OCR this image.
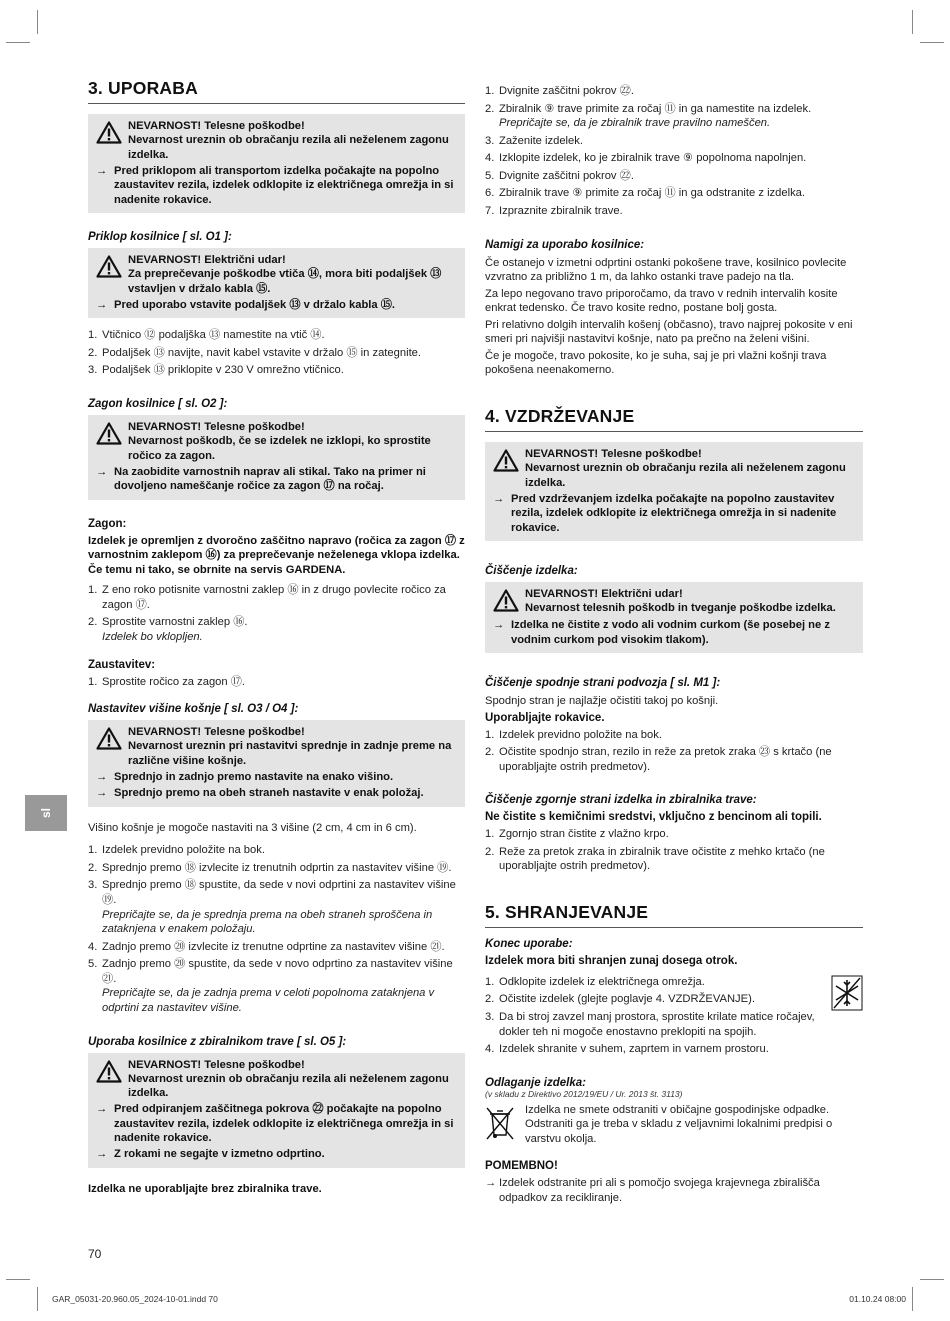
sl
3. UPORABA
NEVARNOST! Telesne poškodbe!
Nevarnost ureznin ob obračanju rezila ali neželenem zagonu izdelka.
→ Pred priklopom ali transportom izdelka počakajte na popolno zaustavitev rezila, izdelek odklopite iz električnega omrežja in si nadenite rokavice.
Priklop kosilnice [ sl. O1 ]:
NEVARNOST! Električni udar!
Za preprečevanje poškodbe vtiča ⑭, mora biti podaljšek ⑬ vstavljen v držalo kabla ⑮.
→ Pred uporabo vstavite podaljšek ⑬ v držalo kabla ⑮.
1. Vtičnico ⑫ podaljška ⑬ namestite na vtič ⑭.
2. Podaljšek ⑬ navijte, navit kabel vstavite v držalo ⑮ in zategnite.
3. Podaljšek ⑬ priklopite v 230 V omrežno vtičnico.
Zagon kosilnice [ sl. O2 ]:
NEVARNOST! Telesne poškodbe!
Nevarnost poškodb, če se izdelek ne izklopi, ko sprostite ročico za zagon.
→ Na zaobidite varnostnih naprav ali stikal. Tako na primer ni dovoljeno nameščanje ročice za zagon ⑰ na ročaj.
Zagon:

Izdelek je opremljen z dvoročno zaščitno napravo (ročica za zagon ⑰ z varnostnim zaklepom ⑯) za preprečevanje neželenega vklopa izdelka. Če temu ni tako, se obrnite na servis GARDENA.

1. Z eno roko potisnite varnostni zaklep ⑯ in z drugo povlecite ročico za zagon ⑰.
2. Sprostite varnostni zaklep ⑯.
Izdelek bo vklopljen.
Zaustavitev:
1. Sprostite ročico za zagon ⑰.
Nastavitev višine košnje [ sl. O3 / O4 ]:
NEVARNOST! Telesne poškodbe!
Nevarnost ureznin pri nastavitvi sprednje in zadnje preme na različne višine košnje.
→ Sprednjo in zadnjo premo nastavite na enako višino.
→ Sprednjo premo na obeh straneh nastavite v enak položaj.

Višino košnje je mogoče nastaviti na 3 višine (2 cm, 4 cm in 6 cm).

1. Izdelek previdno položite na bok.
2. Sprednjo premo ⑱ izvlecite iz trenutnih odprtin za nastavitev višine ⑲.
3. Sprednjo premo ⑱ spustite, da sede v novi odprtini za nastavitev višine ⑲.
Prepričajte se, da je sprednja prema na obeh straneh sproščena in zataknjena v enakem položaju.
4. Zadnjo premo ⑳ izvlecite iz trenutne odprtine za nastavitev višine ㉑.
5. Zadnjo premo ⑳ spustite, da sede v novo odprtino za nastavitev višine ㉑.
Prepričajte se, da je zadnja prema v celoti popolnoma zataknjena v odprtini za nastavitev višine.
Uporaba kosilnice z zbiralnikom trave [ sl. O5 ]:
NEVARNOST! Telesne poškodbe!
Nevarnost ureznin ob obračanju rezila ali neželenem zagonu izdelka.
→ Pred odpiranjem zaščitnega pokrova ㉒ počakajte na popolno zaustavitev rezila, izdelek odklopite iz električnega omrežja in si nadenite rokavice.
→ Z rokami ne segajte v izmetno odprtino.

Izdelka ne uporabljajte brez zbiralnika trave.

1. Dvignite zaščitni pokrov ㉒.
2. Zbiralnik ⑨ trave primite za ročaj ⑪ in ga namestite na izdelek.
Prepričajte se, da je zbiralnik trave pravilno nameščen.
3. Zaženite izdelek.
4. Izklopite izdelek, ko je zbiralnik trave ⑨ popolnoma napolnjen.
5. Dvignite zaščitni pokrov ㉒.
6. Zbiralnik trave ⑨ primite za ročaj ⑪ in ga odstranite z izdelka.
7. Izpraznite zbiralnik trave.
Namigi za uporabo kosilnice:

Če ostanejo v izmetni odprtini ostanki pokošene trave, kosilnico povlecite vzvratno za približno 1 m, da lahko ostanki trave padejo na tla.

Za lepo negovano travo priporočamo, da travo v rednih intervalih kosite enkrat tedensko. Če travo kosite redno, postane bolj gosta.

Pri relativno dolgih intervalih košenj (občasno), travo najprej pokosite v eni smeri pri najvišji nastavitvi košnje, nato pa prečno na želeni višini.

Če je mogoče, travo pokosite, ko je suha, saj je pri vlažni košnji trava pokošena neenakomerno.

4. VZDRŽEVANJE
NEVARNOST! Telesne poškodbe!
Nevarnost ureznin ob obračanju rezila ali neželenem zagonu izdelka.
→ Pred vzdrževanjem izdelka počakajte na popolno zaustavitev rezila, izdelek odklopite iz električnega omrežja in si nadenite rokavice.
Čiščenje izdelka:
NEVARNOST! Električni udar!
Nevarnost telesnih poškodb in tveganje poškodbe izdelka.
→ Izdelka ne čistite z vodo ali vodnim curkom (še posebej ne z vodnim curkom pod visokim tlakom).
Čiščenje spodnje strani podvozja [ sl. M1 ]:

Spodnjo stran je najlažje očistiti takoj po košnji.

Uporabljajte rokavice.
1. Izdelek previdno položite na bok.
2. Očistite spodnjo stran, rezilo in reže za pretok zraka ㉓ s krtačo (ne uporabljajte ostrih predmetov).
Čiščenje zgornje strani izdelka in zbiralnika trave:
Ne čistite s kemičnimi sredstvi, vključno z bencinom ali topili.
1. Zgornjo stran čistite z vlažno krpo.
2. Reže za pretok zraka in zbiralnik trave očistite z mehko krtačo (ne uporabljajte ostrih predmetov).
5. SHRANJEVANJE
Konec uporabe:
Izdelek mora biti shranjen zunaj dosega otrok.
1. Odklopite izdelek iz električnega omrežja.
2. Očistite izdelek (glejte poglavje 4. VZDRŽEVANJE).
3. Da bi stroj zavzel manj prostora, sprostite krilate matice ročajev, dokler teh ni mogoče enostavno preklopiti na spojih.
4. Izdelek shranite v suhem, zaprtem in varnem prostoru.
Odlaganje izdelka:
(v skladu z Direktivo 2012/19/EU / Ur. 2013 št. 3113)

Izdelka ne smete odstraniti v običajne gospodinjske odpadke. Odstraniti ga je treba v skladu z veljavnimi lokalnimi predpisi o varstvu okolja.

POMEMBNO!
→ Izdelek odstranite pri ali s pomočjo svojega krajevnega zbirališča odpadkov za recikliranje.
70
GAR_05031-20.960.05_2024-10-01.indd 70	01.10.24 08:00
